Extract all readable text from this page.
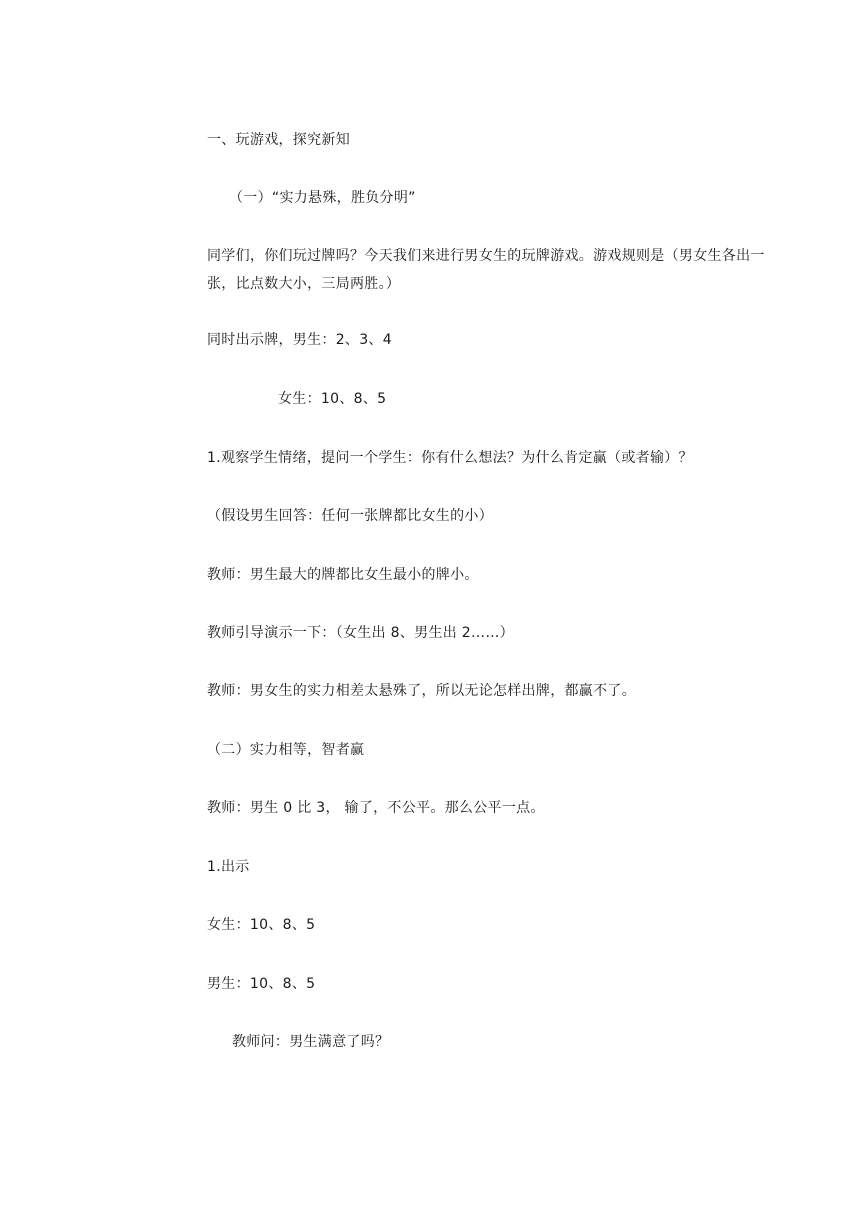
一、玩游戏，探究新知
（一）“实力悬殊，胜负分明”
同学们，你们玩过牌吗？今天我们来进行男女生的玩牌游戏。游戏规则是（男女生各出一张，比点数大小，三局两胜。）
同时出示牌，男生：2、3、4
女生：10、8、5
1.观察学生情绪，提问一个学生：你有什么想法？为什么肯定赢（或者输）？
（假设男生回答：任何一张牌都比女生的小）
教师：男生最大的牌都比女生最小的牌小。
教师引导演示一下：（女生出 8、男生出 2……）
教师：男女生的实力相差太悬殊了，所以无论怎样出牌，都赢不了。
（二）实力相等，智者赢
教师：男生 0 比 3， 输了，不公平。那么公平一点。
1.出示
女生：10、8、5
男生：10、8、5
教师问：男生满意了吗？
